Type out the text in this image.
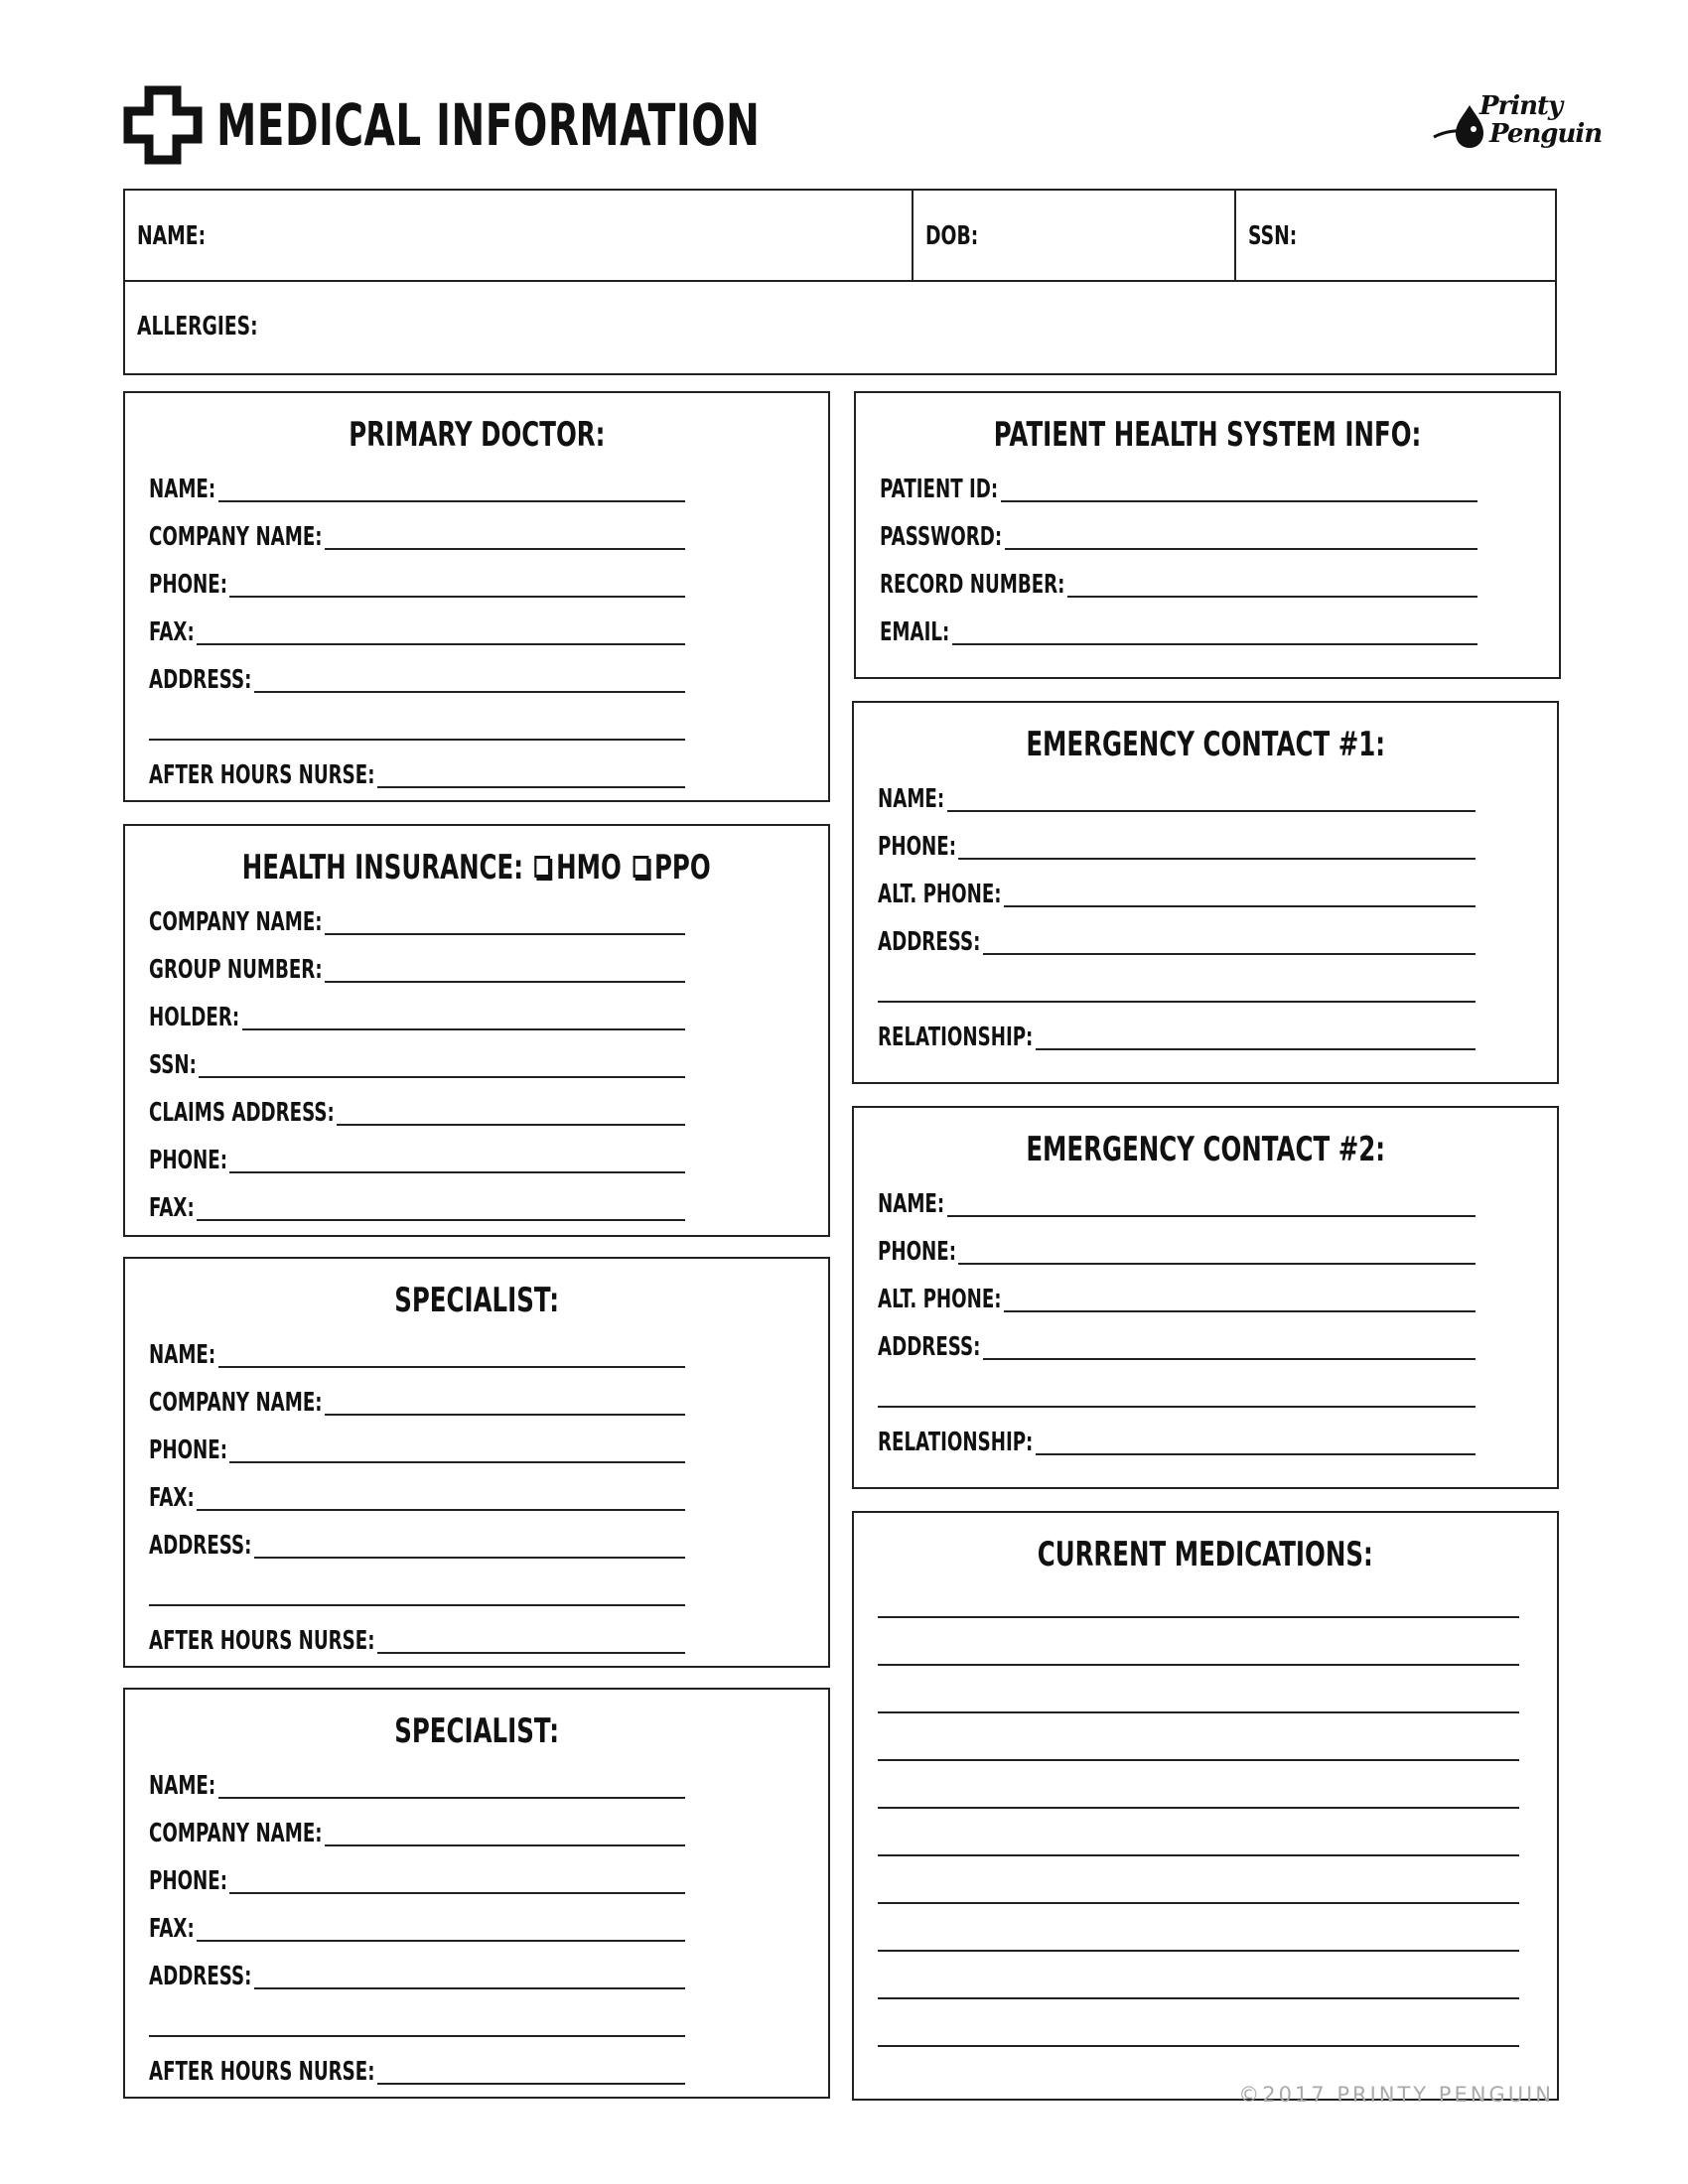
MEDICAL INFORMATION	Printy
Penguin
NAME:	DOB:	SSN:
ALLERGIES:
PRIMARY DOCTOR:
NAME:
COMPANY NAME:
PHONE:
FAX:
ADDRESS:
AFTER HOURS NURSE:
HEALTH INSURANCE: HMO PPO
COMPANY NAME:
GROUP NUMBER:
HOLDER:
SSN:
CLAIMS ADDRESS:
PHONE:
FAX:
SPECIALIST:
NAME:
COMPANY NAME:
PHONE:
FAX:
ADDRESS:
AFTER HOURS NURSE:
SPECIALIST:
NAME:
COMPANY NAME:
PHONE:
FAX:
ADDRESS:
AFTER HOURS NURSE:
PATIENT HEALTH SYSTEM INFO:
PATIENT ID:
PASSWORD:
RECORD NUMBER:
EMAIL:
EMERGENCY CONTACT #1:
NAME:
PHONE:
ALT. PHONE:
ADDRESS:
RELATIONSHIP:
EMERGENCY CONTACT #2:
NAME:
PHONE:
ALT. PHONE:
ADDRESS:
RELATIONSHIP:
CURRENT MEDICATIONS:
©2017 PRINTY PENGUIN
